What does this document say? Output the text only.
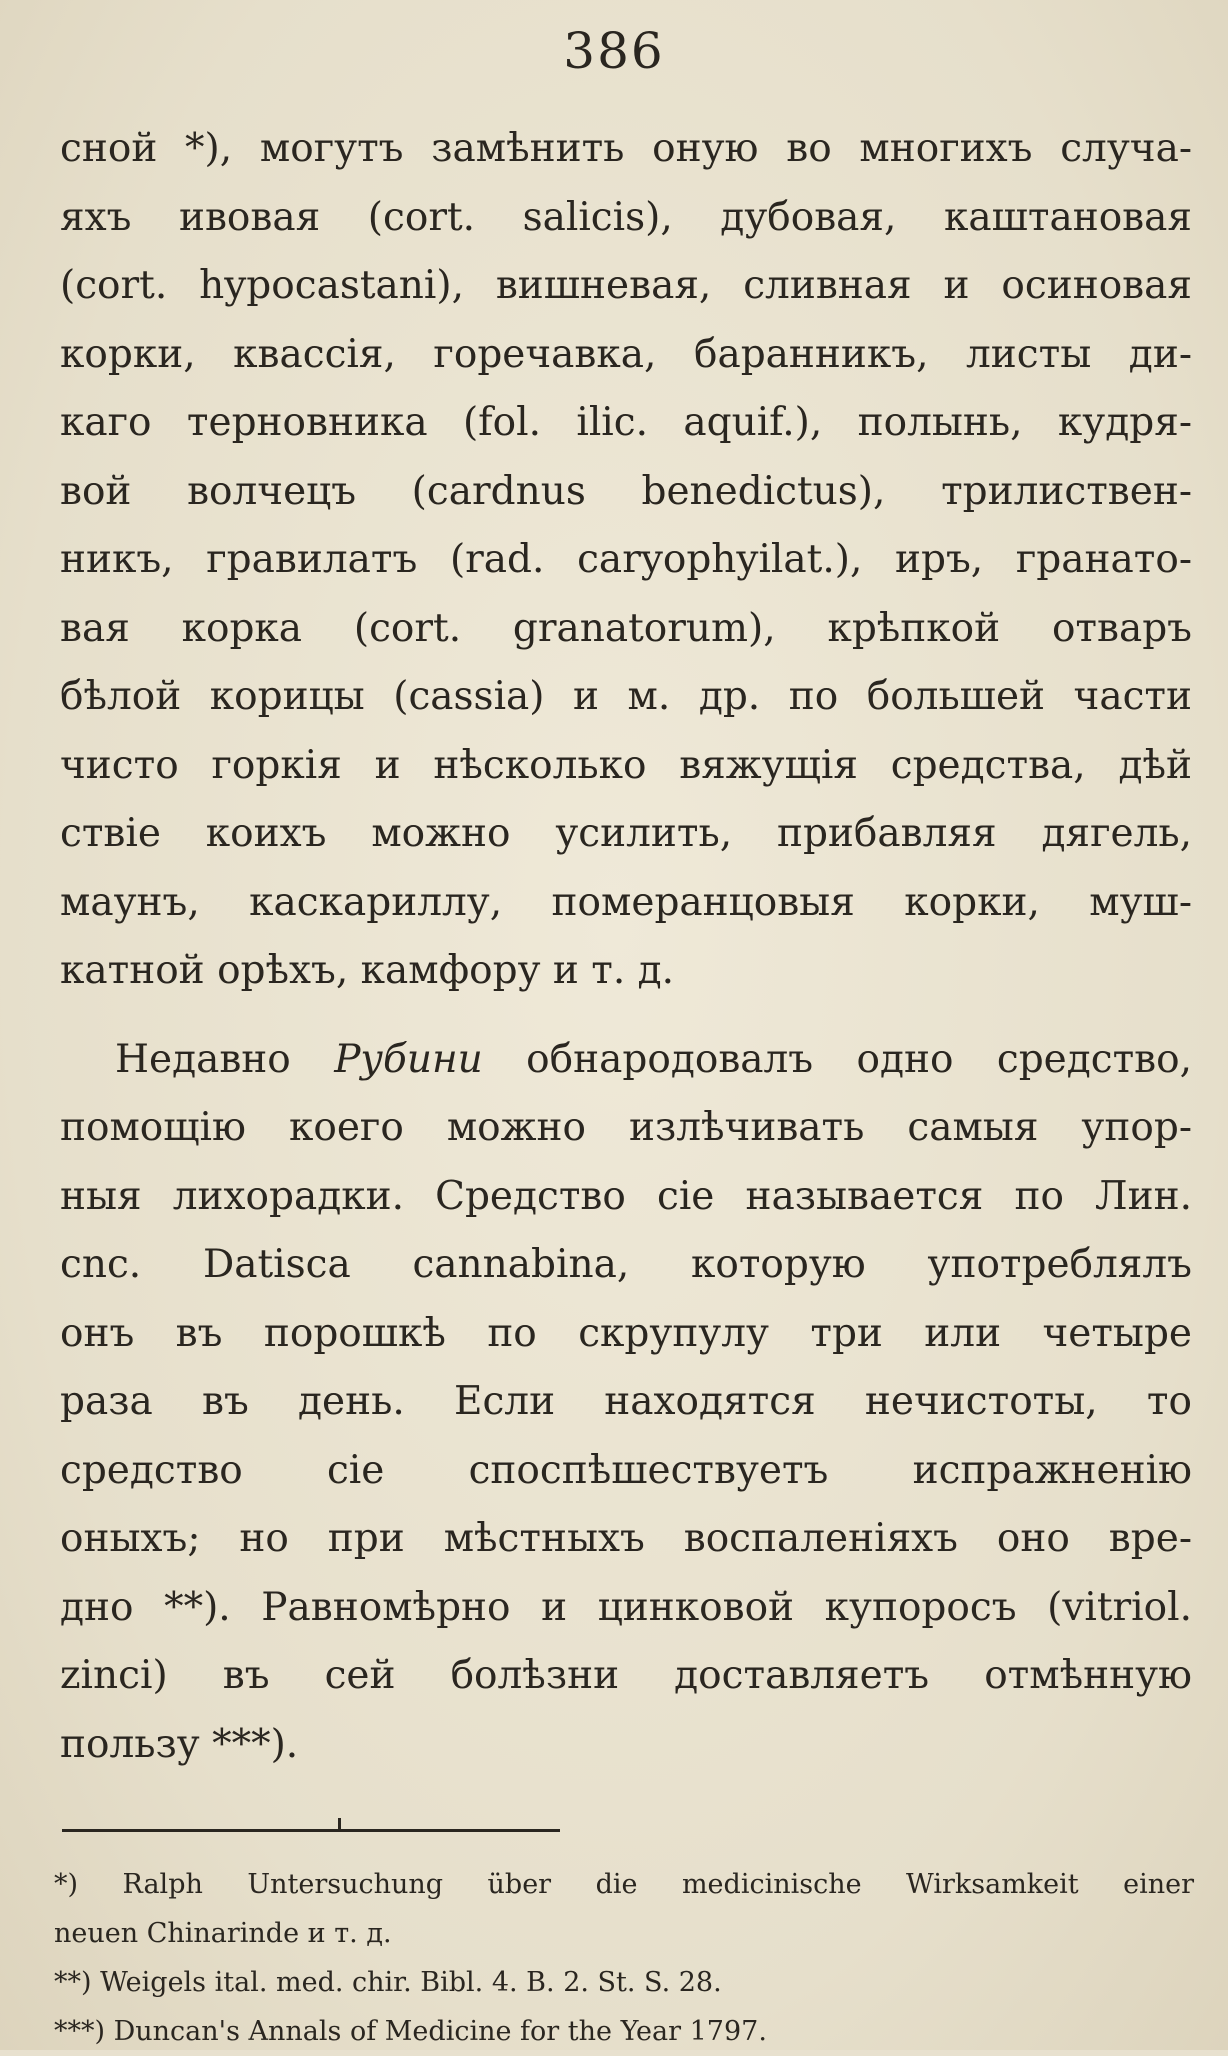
386
сной *), могутъ замѣнить оную во многихъ случа-
яхъ ивовая (cort. salicis), дубовая, каштановая
(cort. hypocastani), вишневая, сливная и осиновая
корки, квассія, горечавка, баранникъ, листы ди-
каго терновника (fol. ilic. aquif.), полынь, кудря-
вой волчецъ (cardnus benedictus), трилиствен-
никъ, гравилатъ (rad. caryophyilat.), иръ, гранато-
вая корка (cort. granatorum), крѣпкой отваръ
бѣлой корицы (cassia) и м. др. по большей части
чисто горкія и нѣсколько вяжущія средства, дѣй
ствіе коихъ можно усилить, прибавляя дягель,
маунъ, каскариллу, померанцовыя корки, муш-
катной орѣхъ, камфору и т. д.
Недавно Рубини обнародовалъ одно средство,
помощію коего можно излѣчивать самыя упор-
ныя лихорадки. Средство сіе называется по Лин.
cnc. Datisca cannabina, которую употреблялъ
онъ въ порошкѣ по скрупулу три или четыре
раза въ день. Если находятся нечистоты, то
средство сіе споспѣшествуетъ испражненію
оныхъ; но при мѣстныхъ воспаленіяхъ оно вре-
дно **). Равномѣрно и цинковой купоросъ (vitriol.
zinci) въ сей болѣзни доставляетъ отмѣнную
пользу ***).
*) Ralph Untersuchung über die medicinische Wirksamkeit einer
neuen Chinarinde и т. д.
**) Weigels ital. med. chir. Bibl. 4. B. 2. St. S. 28.
***) Duncan's Annals of Medicine for the Year 1797.
